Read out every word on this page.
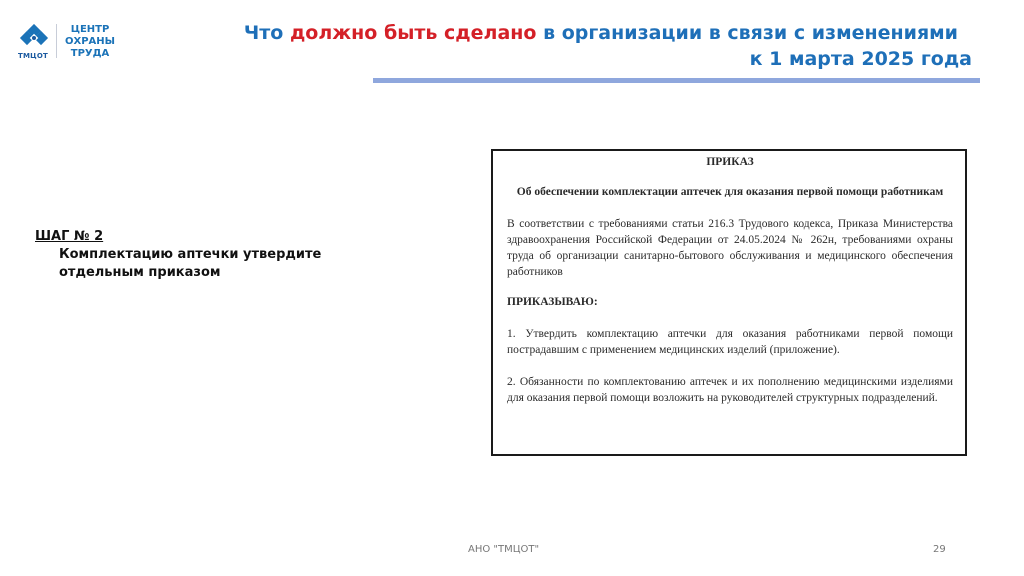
ТМЦОТ
ЦЕНТР
ОХРАНЫ
ТРУДА
Что должно быть сделано в организации в связи с изменениями
к 1 марта 2025 года
ШАГ № 2
Комплектацию аптечки утвердите отдельным приказом

ПРИКАЗ

Об обеспечении комплектации аптечек для оказания первой помощи работникам

В соответствии с требованиями статьи 216.3 Трудового кодекса, Приказа Министерства здравоохранения Российской Федерации от 24.05.2024 № 262н, требованиями охраны труда об организации санитарно-бытового обслуживания и медицинского обеспечения работников

ПРИКАЗЫВАЮ:

1. Утвердить комплектацию аптечки для оказания работниками первой помощи пострадавшим с применением медицинских изделий (приложение).

2. Обязанности по комплектованию аптечек и их пополнению медицинскими изделиями для оказания первой помощи возложить на руководителей структурных подразделений.

АНО "ТМЦОТ"	29
